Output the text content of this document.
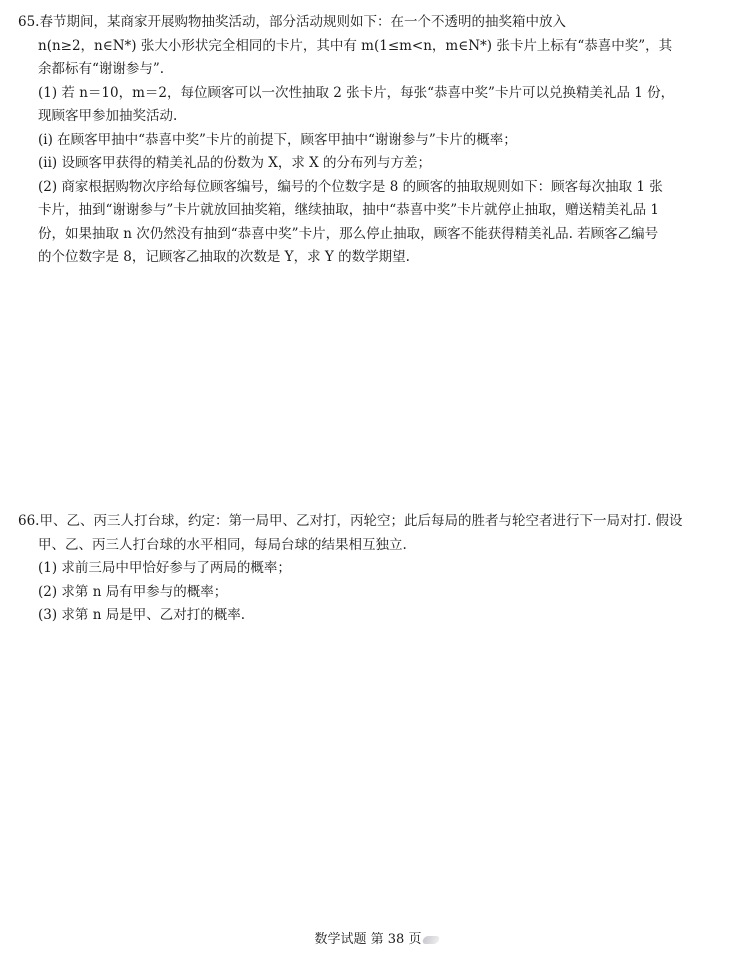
65.春节期间，某商家开展购物抽奖活动，部分活动规则如下：在一个不透明的抽奖箱中放入
n(n≥2，n∈N*) 张大小形状完全相同的卡片，其中有 m(1≤m<n，m∈N*) 张卡片上标有“恭喜中奖”，其
余都标有“谢谢参与”.
(1) 若 n＝10，m＝2，每位顾客可以一次性抽取 2 张卡片，每张“恭喜中奖”卡片可以兑换精美礼品 1 份，
现顾客甲参加抽奖活动.
(i) 在顾客甲抽中“恭喜中奖”卡片的前提下，顾客甲抽中“谢谢参与”卡片的概率；
(ii) 设顾客甲获得的精美礼品的份数为 X，求 X 的分布列与方差；
(2) 商家根据购物次序给每位顾客编号，编号的个位数字是 8 的顾客的抽取规则如下：顾客每次抽取 1 张
卡片，抽到“谢谢参与”卡片就放回抽奖箱，继续抽取，抽中“恭喜中奖”卡片就停止抽取，赠送精美礼品 1
份，如果抽取 n 次仍然没有抽到“恭喜中奖”卡片，那么停止抽取，顾客不能获得精美礼品. 若顾客乙编号
的个位数字是 8，记顾客乙抽取的次数是 Y，求 Y 的数学期望.
66.甲、乙、丙三人打台球，约定：第一局甲、乙对打，丙轮空；此后每局的胜者与轮空者进行下一局对打. 假设
甲、乙、丙三人打台球的水平相同，每局台球的结果相互独立.
(1) 求前三局中甲恰好参与了两局的概率；
(2) 求第 n 局有甲参与的概率；
(3) 求第 n 局是甲、乙对打的概率.
数学试题 第 38 页
